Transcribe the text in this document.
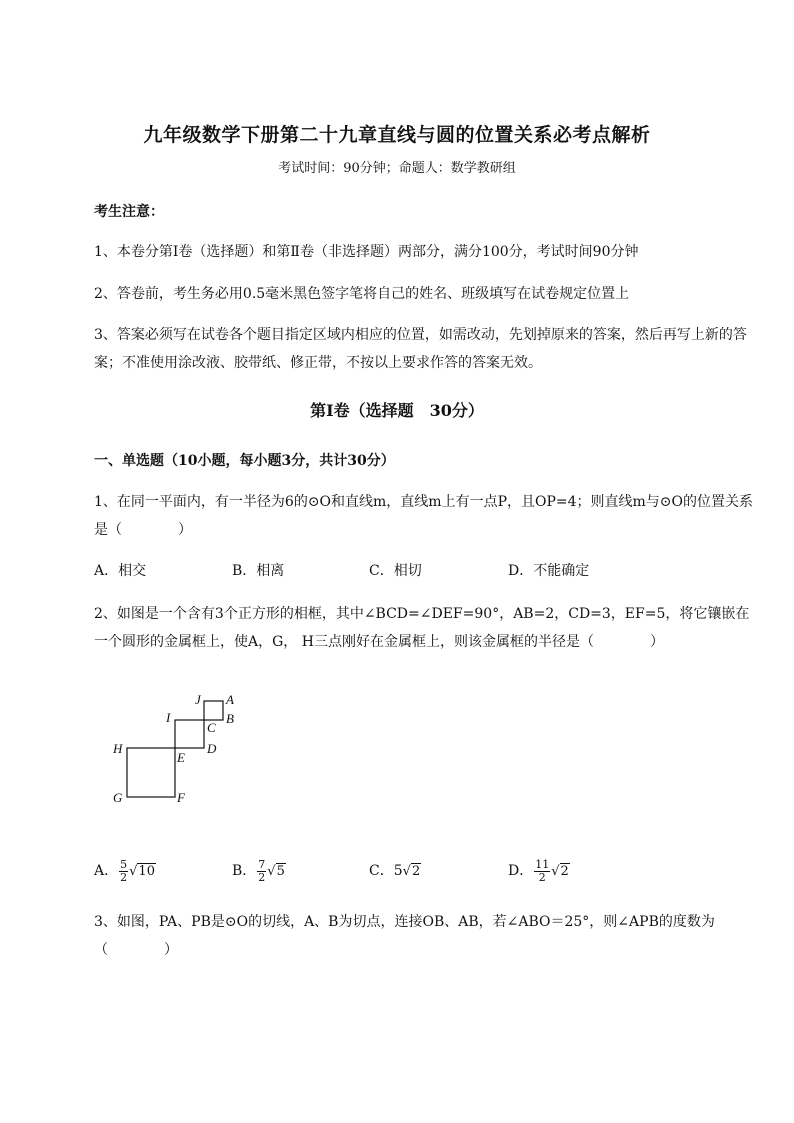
九年级数学下册第二十九章直线与圆的位置关系必考点解析
考试时间：90分钟；命题人：数学教研组
考生注意：
1、本卷分第I卷（选择题）和第Ⅱ卷（非选择题）两部分，满分100分，考试时间90分钟
2、答卷前，考生务必用0.5毫米黑色签字笔将自己的姓名、班级填写在试卷规定位置上
3、答案必须写在试卷各个题目指定区域内相应的位置，如需改动，先划掉原来的答案，然后再写上新的答案；不准使用涂改液、胶带纸、修正带，不按以上要求作答的答案无效。
第I卷（选择题　30分）
一、单选题（10小题，每小题3分，共计30分）
1、在同一平面内，有一半径为6的⊙O和直线m，直线m上有一点P，且OP=4；则直线m与⊙O的位置关系是（　　　　）
A．相交	B．相离	C．相切	D．不能确定
2、如图是一个含有3个正方形的相框，其中∠BCD=∠DEF=90°，AB=2，CD=3，EF=5，将它镶嵌在一个圆形的金属框上，使A，G， H三点刚好在金属框上，则该金属框的半径是（　　　　）
J A
I	B
C
H
E
D
G	F
A． $\frac{5}{2} √10$	B． $\frac{7}{2} √5$	C．5√2	D． $\frac{11}{2} √2$
3、如图，PA、PB是⊙O的切线，A、B为切点，连接OB、AB，若∠ABO＝25°，则∠APB的度数为（　　　　）
